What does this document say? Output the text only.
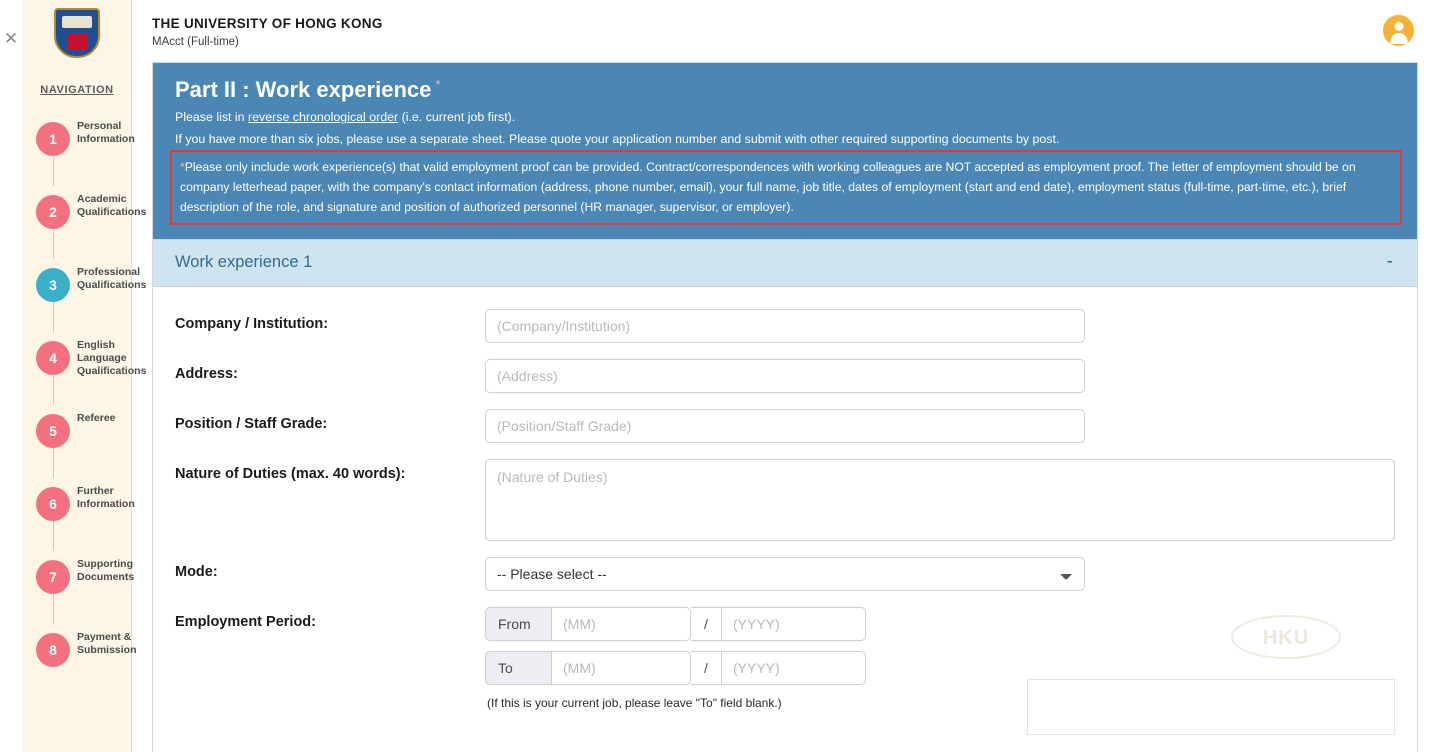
✕
NAVIGATION
1
Personal Information
2
Academic Qualifications
3
Professional Qualifications
4
English Language Qualifications
5
Referee
6
Further Information
7
Supporting Documents
8
Payment & Submission
THE UNIVERSITY OF HONG KONG
MAcct (Full-time)
Part II : Work experience *
Please list in reverse chronological order (i.e. current job first).
If you have more than six jobs, please use a separate sheet. Please quote your application number and submit with other required supporting documents by post.
*Please only include work experience(s) that valid employment proof can be provided. Contract/correspondences with working colleagues are NOT accepted as employment proof. The letter of employment should be on company letterhead paper, with the company's contact information (address, phone number, email), your full name, job title, dates of employment (start and end date), employment status (full-time, part-time, etc.), brief description of the role, and signature and position of authorized personnel (HR manager, supervisor, or employer).
Work experience 1	-
Company / Institution:
(Company/Institution)
Address:
(Address)
Position / Staff Grade:
(Position/Staff Grade)
Nature of Duties (max. 40 words):
(Nature of Duties)
Mode:
-- Please select --
Employment Period:	From
(MM)	/
(YYYY)
To
(MM)	/
(YYYY)
(If this is your current job, please leave "To" field blank.)
HKU
